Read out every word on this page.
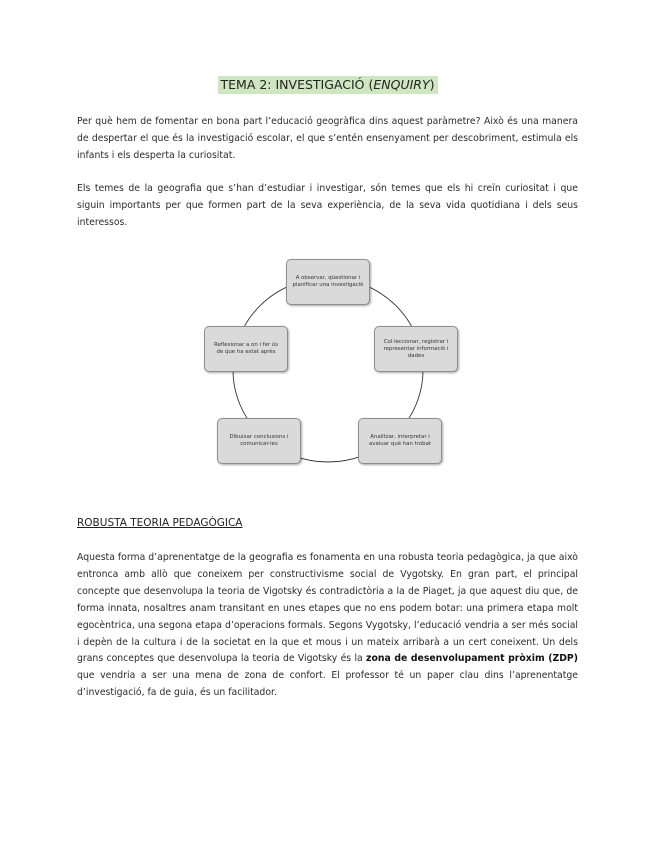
TEMA 2: INVESTIGACIÓ (ENQUIRY)

Per què hem de fomentar en bona part l’educació geogràfica dins aquest paràmetre? Això és una manera de despertar el que és la investigació escolar, el que s’entén ensenyament per descobriment, estimula els infants i els desperta la curiositat.

Els temes de la geografia que s’han d’estudiar i investigar, són temes que els hi creïn curiositat i que siguin importants per que formen part de la seva experiència, de la seva vida quotidiana i dels seus interessos.

A observar, qüestionar i planificar una investigació
Col·leccionar, registrar i representar informació i dades
Analitzar, interpretar i avaluar què han trobat
Dibuixar conclusions i comunicar-les
Reflexionar a on i fer ús de que ha estat après
ROBUSTA TEORIA PEDAGÒGICA

Aquesta forma d’aprenentatge de la geografia es fonamenta en una robusta teoria pedagògica, ja que això entronca amb allò que coneixem per constructivisme social de Vygotsky. En gran part, el principal concepte que desenvolupa la teoria de Vigotsky és contradictòria a la de Piaget, ja que aquest diu que, de forma innata, nosaltres anam transitant en unes etapes que no ens podem botar: una primera etapa molt egocèntrica, una segona etapa d’operacions formals. Segons Vygotsky, l’educació vendria a ser més social i depèn de la cultura i de la societat en la que et mous i un mateix arribarà a un cert coneixent. Un dels grans conceptes que desenvolupa la teoria de Vigotsky és la zona de desenvolupament pròxim (ZDP) que vendria a ser una mena de zona de confort. El professor té un paper clau dins l’aprenentatge d’investigació, fa de guia, és un facilitador.
